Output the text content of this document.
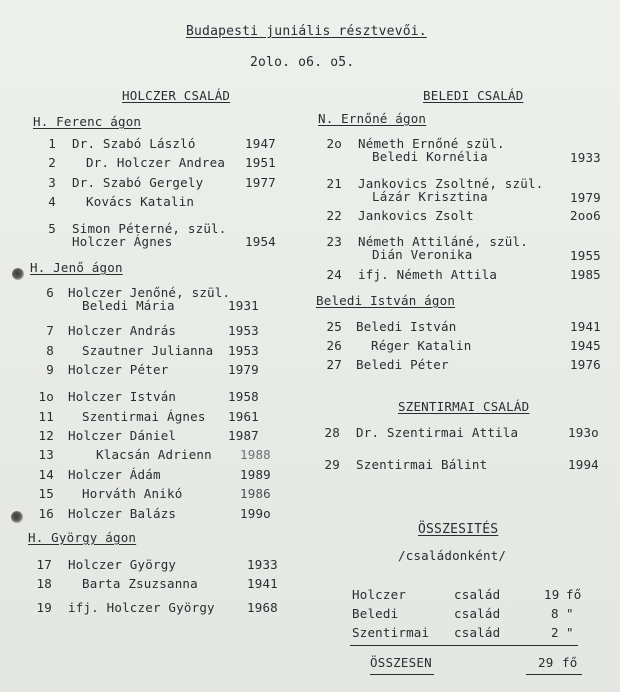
Budapesti juniális résztvevői.
2olo. o6. o5.
HOLCZER CSALÁD
H. Ferenc ágon
1 Dr. Szabó László	1947
2 Dr. Holczer Andrea 1951
3 Dr. Szabó Gergely	1977
4 Kovács Katalin
5 Simon Péterné, szül.
Holczer Ágnes	1954
H. Jenő ágon
6 Holczer Jenőné, szül.
Beledi Mária	1931
7 Holczer András	1953
8 Szautner Julianna 1953
9 Holczer Péter	1979
1o Holczer István	1958
11 Szentirmai Ágnes 1961
12 Holczer Dániel	1987
13	Klacsán Adrienn 1988
14 Holczer Ádám	1989
15 Horváth Anikó	1986
16 Holczer Balázs	199o
H. György ágon
17 Holczer György	1933
18 Barta Zsuzsanna	1941
19 ifj. Holczer György	1968
BELEDI CSALÁD
N. Ernőné ágon
2o Németh Ernőné szül.
Beledi Kornélia	1933
21 Jankovics Zsoltné, szül.
Lázár Krisztina	1979
22 Jankovics Zsolt	2oo6
23 Németh Attiláné, szül.
Dián Veronika	1955
24 ifj. Németh Attila	1985
Beledi István ágon
25 Beledi István	1941
26 Réger Katalin	1945
27 Beledi Péter	1976
SZENTIRMAI CSALÁD
28 Dr. Szentirmai Attila	193o
29 Szentirmai Bálint	1994
ÖSSZESITÉS
/családonként/
Holczer	család	19 fő
Beledi	család	8 "
Szentirmai család	2 "
ÖSSZESEN	29 fő
